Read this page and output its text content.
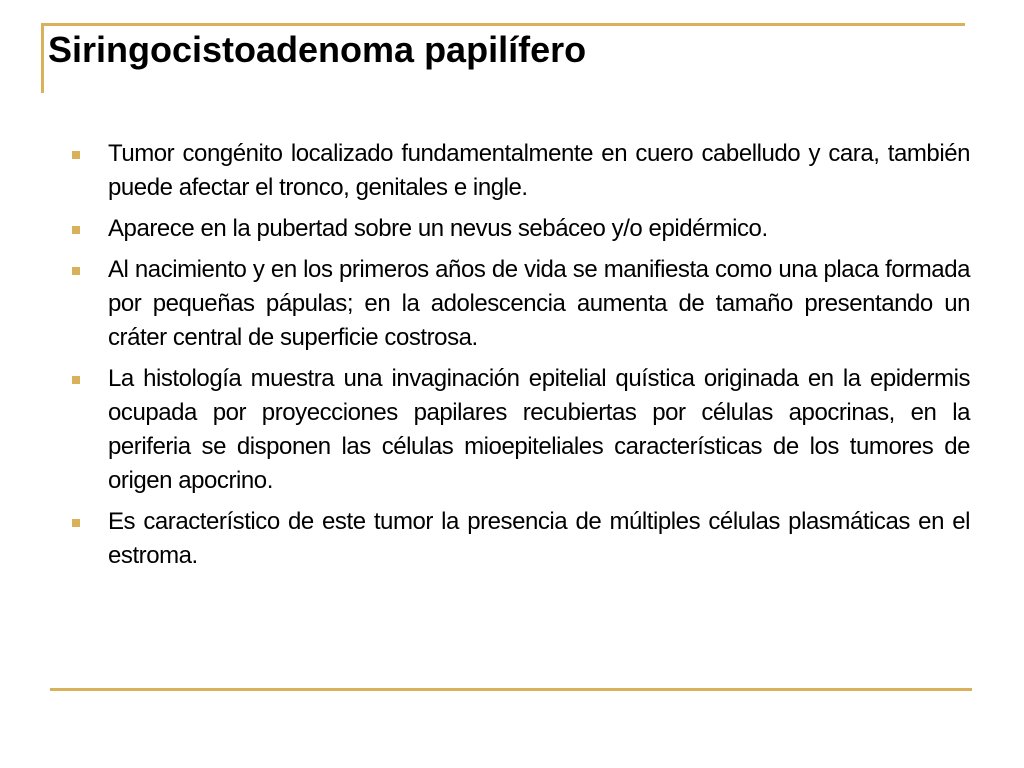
Siringocistoadenoma papilífero
Tumor congénito localizado fundamentalmente en cuero cabelludo y cara, también puede afectar el tronco, genitales e ingle.
Aparece en la pubertad sobre un nevus sebáceo y/o epidérmico.
Al nacimiento y en los primeros años de vida se manifiesta como una placa formada por pequeñas pápulas; en la adolescencia aumenta de tamaño presentando un cráter central de superficie costrosa.
La histología muestra una invaginación epitelial quística originada en la epidermis ocupada por proyecciones papilares recubiertas por células apocrinas, en la periferia se disponen las células mioepiteliales características de los tumores de origen apocrino.
Es característico de este tumor la presencia de múltiples células plasmáticas en el estroma.
